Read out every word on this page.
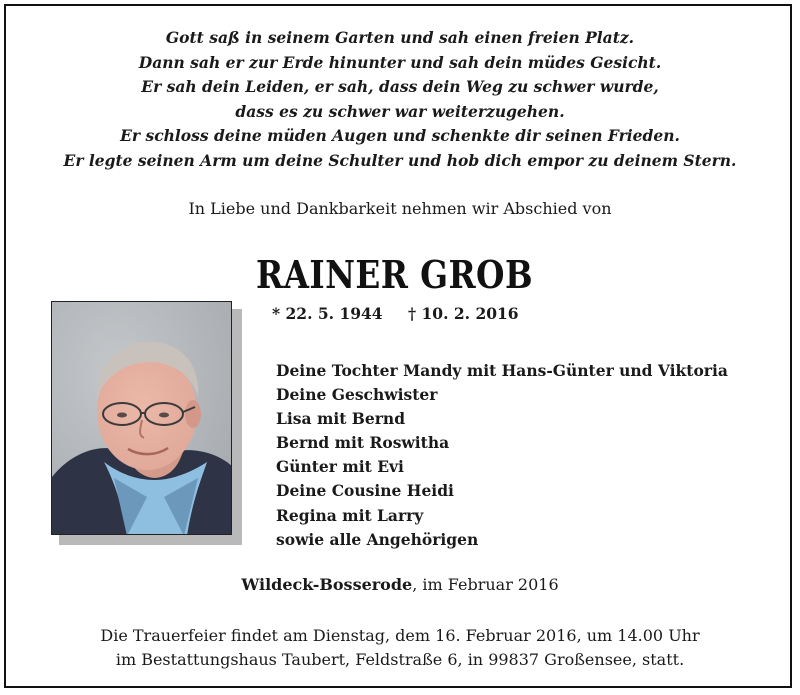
Gott saß in seinem Garten und sah einen freien Platz.
Dann sah er zur Erde hinunter und sah dein müdes Gesicht.
Er sah dein Leiden, er sah, dass dein Weg zu schwer wurde,
dass es zu schwer war weiterzugehen.
Er schloss deine müden Augen und schenkte dir seinen Frieden.
Er legte seinen Arm um deine Schulter und hob dich empor zu deinem Stern.
In Liebe und Dankbarkeit nehmen wir Abschied von
RAINER GROB
* 22. 5. 1944 † 10. 2. 2016
Deine Tochter Mandy mit Hans-Günter und Viktoria
Deine Geschwister
Lisa mit Bernd
Bernd mit Roswitha
Günter mit Evi
Deine Cousine Heidi
Regina mit Larry
sowie alle Angehörigen
Wildeck-Bosserode, im Februar 2016
Die Trauerfeier findet am Dienstag, dem 16. Februar 2016, um 14.00 Uhr
im Bestattungshaus Taubert, Feldstraße 6, in 99837 Großensee, statt.
